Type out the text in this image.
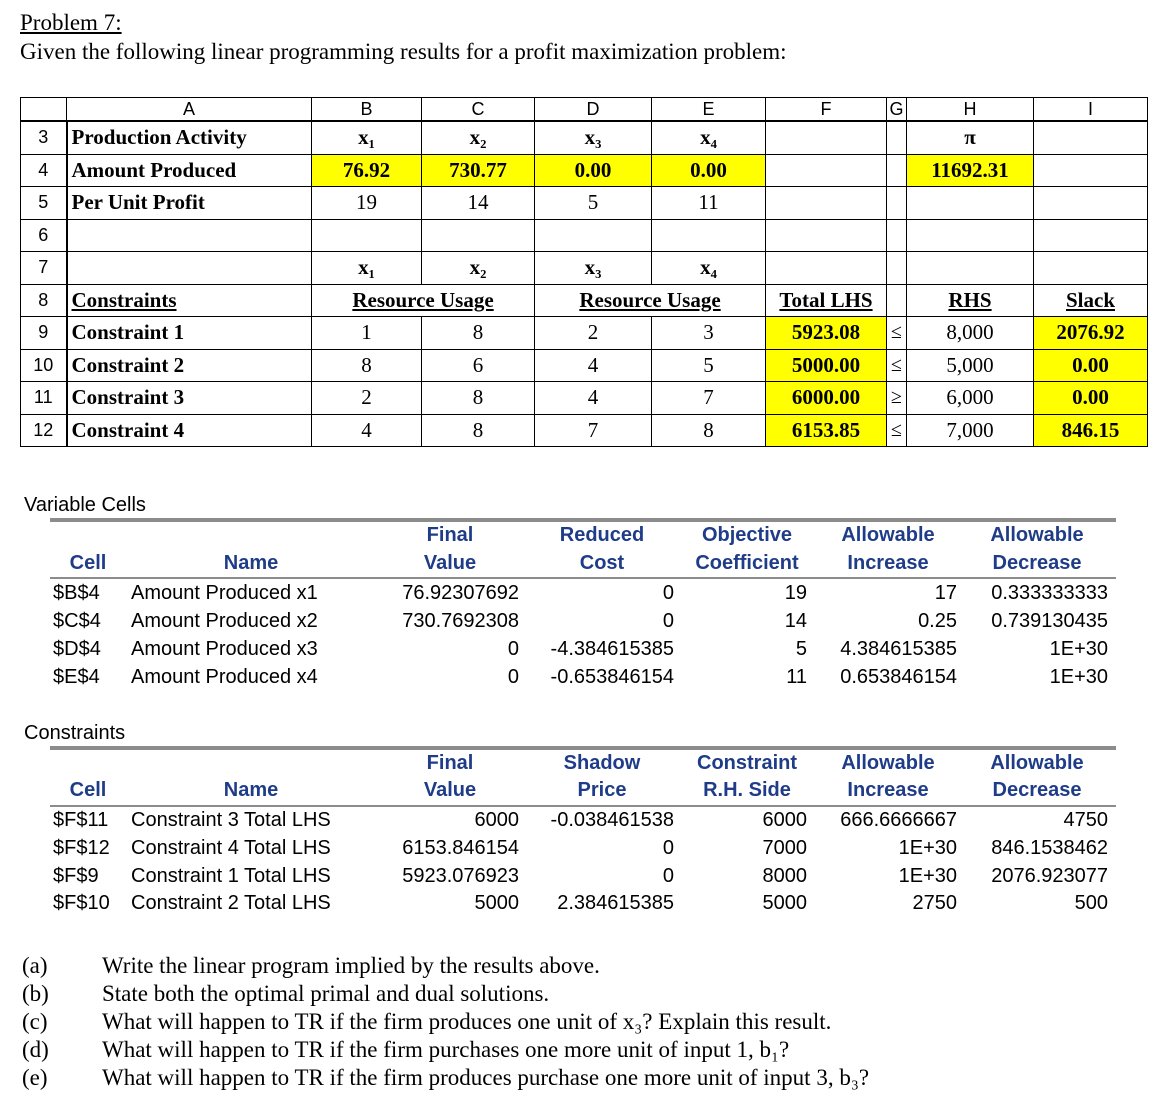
Problem 7:
Given the following linear programming results for a profit maximization problem:
	A	B	C	D	E	F	G	H	I
3	Production Activity	x₁	x₂	x₃	x₄			π	
4	Amount Produced	76.92	730.77	0.00	0.00			11692.31	
5	Per Unit Profit	19	14	5	11				
6									
7		x₁	x₂	x₃	x₄				
8	Constraints	Resource Usage		Resource Usage		Total LHS		RHS	Slack
9	Constraint 1	1	8	2	3	5923.08	≤	8,000	2076.92
10	Constraint 2	8	6	4	5	5000.00	≤	5,000	0.00
11	Constraint 3	2	8	4	7	6000.00	≥	6,000	0.00
12	Constraint 4	4	8	7	8	6153.85	≤	7,000	846.15
Variable Cells
Final	Reduced	Objective Allowable	Allowable
Cell	Name	Value	Cost	Coefficient Increase	Decrease
$B$4 Amount Produced x1	76.92307692	0	19	17 0.333333333
$C$4 Amount Produced x2	730.7692308	0	14	0.25 0.739130435
$D$4 Amount Produced x3	0 -4.384615385	5 4.384615385	1E+30
$E$4 Amount Produced x4	0 -0.653846154	11 0.653846154	1E+30
Constraints
Final	Shadow	Constraint Allowable	Allowable
Cell	Name	Value	Price	R.H. Side	Increase	Decrease
$F$11 Constraint 3 Total LHS	6000 -0.038461538	6000 666.6666667	4750
$F$12 Constraint 4 Total LHS	6153.846154	0	7000	1E+30 846.1538462
$F$9 Constraint 1 Total LHS	5923.076923	0	8000	1E+30 2076.923077
$F$10 Constraint 2 Total LHS	5000 2.384615385	5000	2750	500
(a) Write the linear program implied by the results above.
(b) State both the optimal primal and dual solutions.
(c) What will happen to TR if the firm produces one unit of x₃? Explain this result.
(d) What will happen to TR if the firm purchases one more unit of input 1, b₁?
(e) What will happen to TR if the firm produces purchase one more unit of input 3, b₃?
